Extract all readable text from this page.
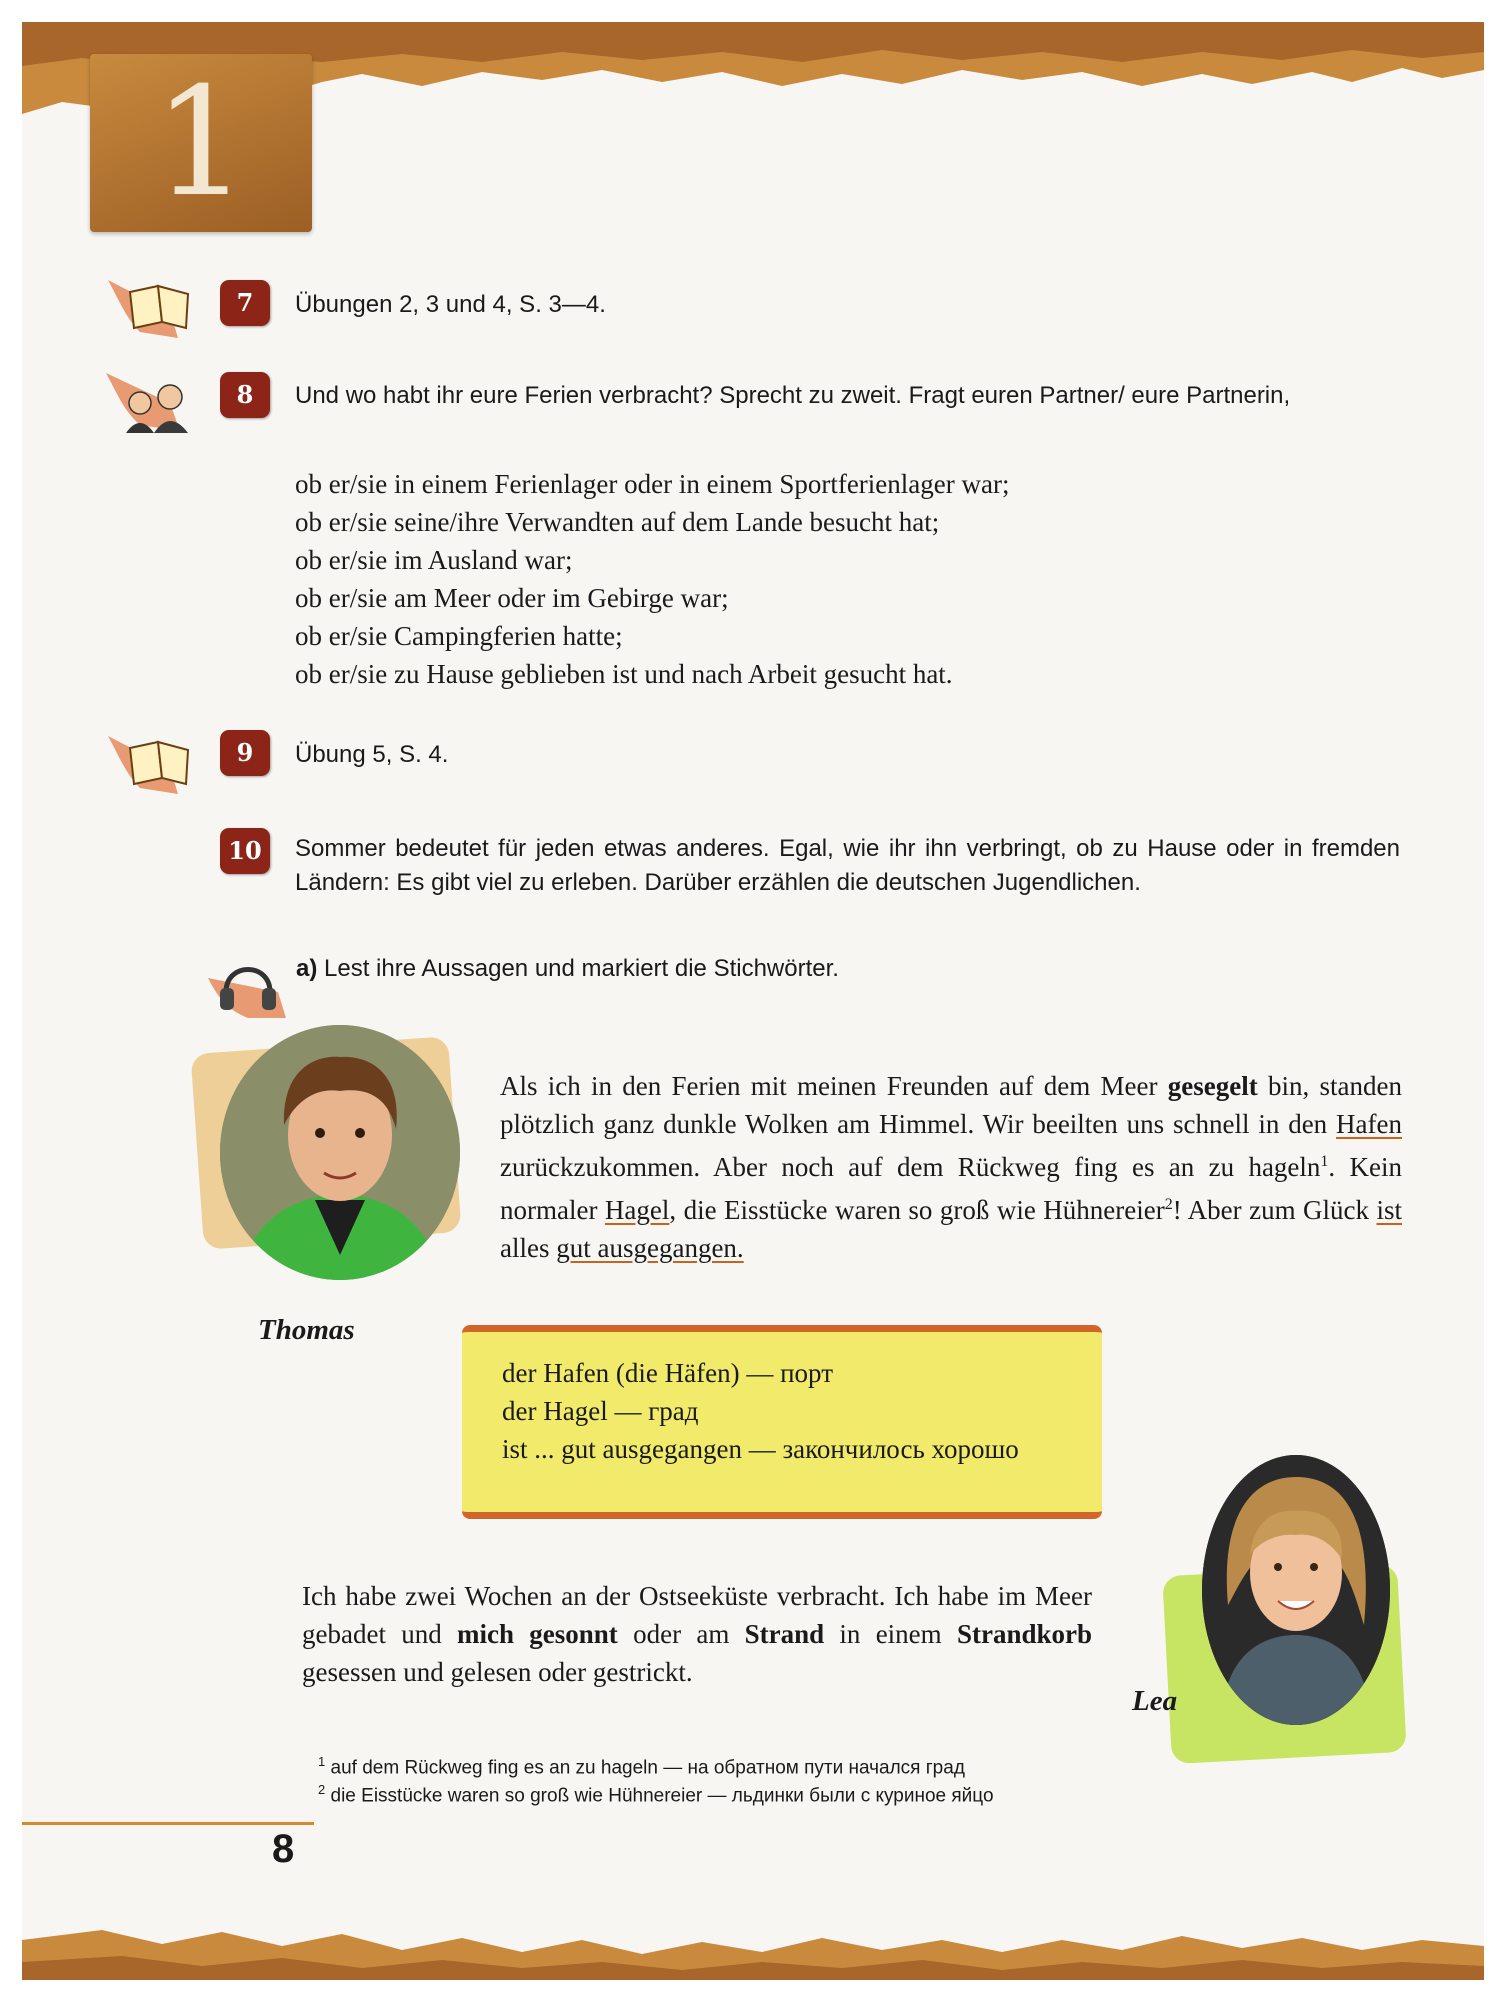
1
7	Übungen 2, 3 und 4, S. 3—4.
8	Und wo habt ihr eure Ferien verbracht? Sprecht zu zweit. Fragt euren Partner/ eure Partnerin,
ob er/sie in einem Ferienlager oder in einem Sportferienlager war;
ob er/sie seine/ihre Verwandten auf dem Lande besucht hat;
ob er/sie im Ausland war;
ob er/sie am Meer oder im Gebirge war;
ob er/sie Campingferien hatte;
ob er/sie zu Hause geblieben ist und nach Arbeit gesucht hat.
9	Übung 5, S. 4.
10	Sommer bedeutet für jeden etwas anderes. Egal, wie ihr ihn verbringt, ob zu Hause oder in fremden Ländern: Es gibt viel zu erleben. Darüber erzählen die deutschen Jugendlichen.
a) Lest ihre Aussagen und markiert die Stichwörter.
Thomas
Als ich in den Ferien mit meinen Freunden auf dem Meer gesegelt bin, standen plötzlich ganz dunkle Wolken am Himmel. Wir beeilten uns schnell in den Hafen zurückzukommen. Aber noch auf dem Rückweg fing es an zu hageln$^1$. Kein normaler Hagel, die Eisstücke waren so groß wie Hühnereier$^2$! Aber zum Glück ist alles gut ausgegangen.
der Hafen (die Häfen) — порт
der Hagel — град
ist ... gut ausgegangen — закончилось хорошо
Ich habe zwei Wochen an der Ostseeküste verbracht. Ich habe im Meer gebadet und mich gesonnt oder am Strand in einem Strandkorb gesessen und gelesen oder gestrickt.
Lea
$^1$ auf dem Rückweg fing es an zu hageln — на обратном пути начался град
$^2$ die Eisstücke waren so groß wie Hühnereier — льдинки были с куриное яйцо
8
